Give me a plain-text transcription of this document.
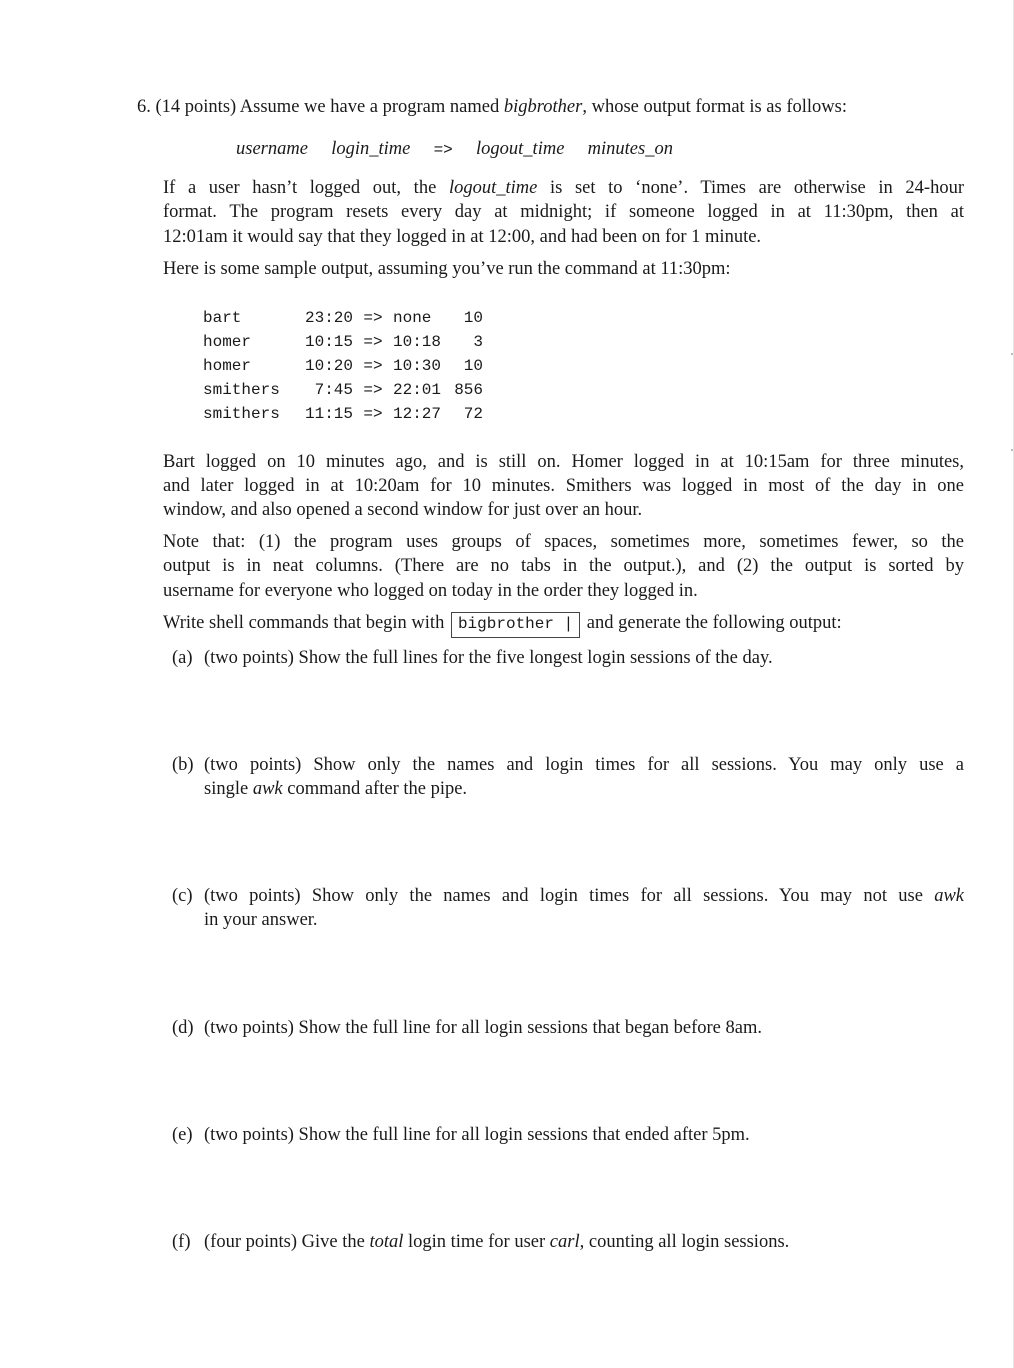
6. (14 points) Assume we have a program named bigbrother, whose output format is as follows:
username login_time => logout_time minutes_on
If a user hasn’t logged out, the logout_time is set to ‘none’. Times are otherwise in 24-hour
format. The program resets every day at midnight; if someone logged in at 11:30pm, then at
12:01am it would say that they logged in at 12:00, and had been on for 1 minute.
Here is some sample output, assuming you’ve run the command at 11:30pm:
bart	23:20	=>	none	10
homer	10:15	=>	10:18	3
homer	10:20	=>	10:30	10
smithers	7:45	=>	22:01	856
smithers	11:15	=>	12:27	72
Bart logged on 10 minutes ago, and is still on. Homer logged in at 10:15am for three minutes,
and later logged in at 10:20am for 10 minutes. Smithers was logged in most of the day in one
window, and also opened a second window for just over an hour.
Note that: (1) the program uses groups of spaces, sometimes more, sometimes fewer, so the
output is in neat columns. (There are no tabs in the output.), and (2) the output is sorted by
username for everyone who logged on today in the order they logged in.
Write shell commands that begin with bigbrother | and generate the following output:
(a) (two points) Show the full lines for the five longest login sessions of the day.
(b) (two points) Show only the names and login times for all sessions. You may only use a
single awk command after the pipe.
(c) (two points) Show only the names and login times for all sessions. You may not use awk
in your answer.
(d) (two points) Show the full line for all login sessions that began before 8am.
(e) (two points) Show the full line for all login sessions that ended after 5pm.
(f) (four points) Give the total login time for user carl, counting all login sessions.
